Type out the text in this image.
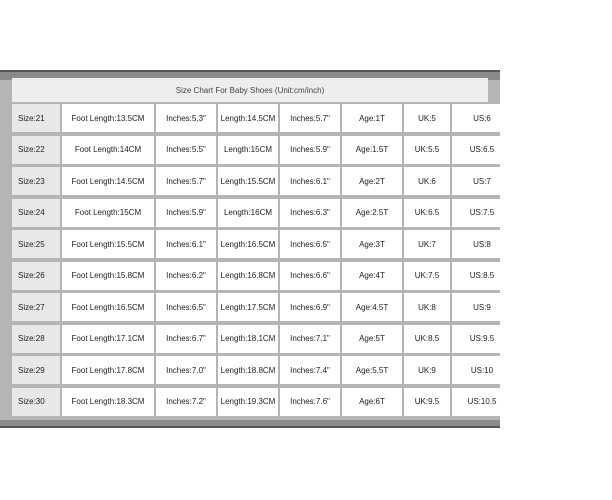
Size Chart For Baby Shoes (Unit:cm/inch)
Size:21	Foot Length:13.5CM	Inches:5.3"	Length:14.5CM	Inches:5.7"	Age:1T	UK:5	US:6
Size:22	Foot Length:14CM	Inches:5.5"	Length:15CM	Inches:5.9"	Age:1.5T	UK:5.5	US:6.5
Size:23	Foot Length:14.5CM	Inches:5.7"	Length:15.5CM	Inches:6.1"	Age:2T	UK:6	US:7
Size:24	Foot Length:15CM	Inches:5.9"	Length:16CM	Inches:6.3"	Age:2.5T	UK:6.5	US:7.5
Size:25	Foot Length:15.5CM	Inches:6.1"	Length:16.5CM	Inches:6.5"	Age:3T	UK:7	US:8
Size:26	Foot Length:15.8CM	Inches:6.2"	Length:16.8CM	Inches:6.6"	Age:4T	UK:7.5	US:8.5
Size:27	Foot Length:16.5CM	Inches:6.5"	Length:17.5CM	Inches:6.9"	Age:4.5T	UK:8	US:9
Size:28	Foot Length:17.1CM	Inches:6.7"	Length:18.1CM	Inches:7.1"	Age:5T	UK:8.5	US:9.5
Size:29	Foot Length:17.8CM	Inches:7.0"	Length:18.8CM	Inches:7.4"	Age:5.5T	UK:9	US:10
Size:30	Foot Length:18.3CM	Inches:7.2"	Length:19.3CM	Inches:7.6"	Age:6T	UK:9.5	US:10.5
